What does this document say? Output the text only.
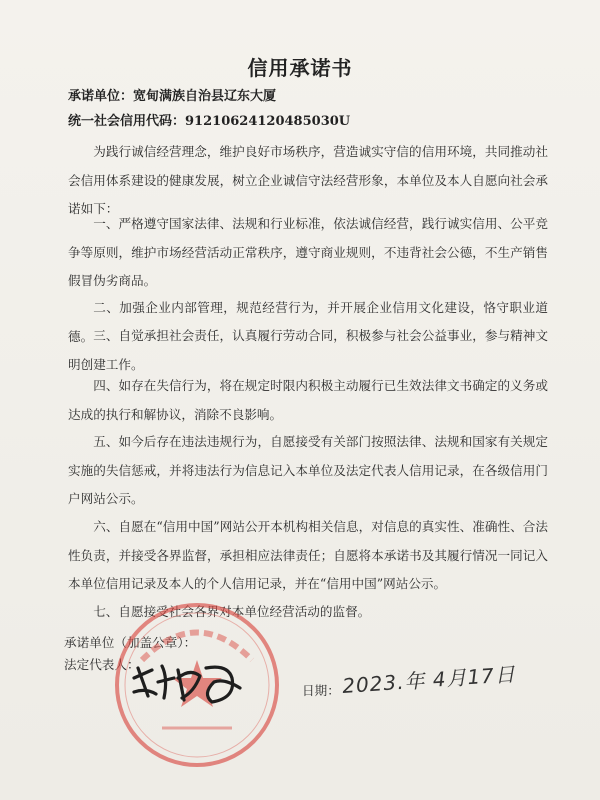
信用承诺书
承诺单位：宽甸满族自治县辽东大厦
统一社会信用代码：91210624120485030U

为践行诚信经营理念，维护良好市场秩序，营造诚实守信的信用环境，共同推动社会信用体系建设的健康发展，树立企业诚信守法经营形象，本单位及本人自愿向社会承诺如下：

一、严格遵守国家法律、法规和行业标准，依法诚信经营，践行诚实信用、公平竞争等原则，维护市场经营活动正常秩序，遵守商业规则，不违背社会公德，不生产销售假冒伪劣商品。

二、加强企业内部管理，规范经营行为，并开展企业信用文化建设，恪守职业道德。 三、自觉承担社会责任，认真履行劳动合同，积极参与社会公益事业，参与精神文明创建工作。

四、如存在失信行为，将在规定时限内积极主动履行已生效法律文书确定的义务或达成的执行和解协议，消除不良影响。

五、如今后存在违法违规行为，自愿接受有关部门按照法律、法规和国家有关规定实施的失信惩戒，并将违法行为信息记入本单位及法定代表人信用记录，在各级信用门户网站公示。

六、自愿在“信用中国”网站公开本机构相关信息，对信息的真实性、准确性、合法性负责，并接受各界监督，承担相应法律责任；自愿将本承诺书及其履行情况一同记入本单位信用记录及本人的个人信用记录，并在“信用中国”网站公示。

七、自愿接受社会各界对本单位经营活动的监督。

承诺单位（加盖公章）：
法定代表人：
日期： 2023.年 4月17日
